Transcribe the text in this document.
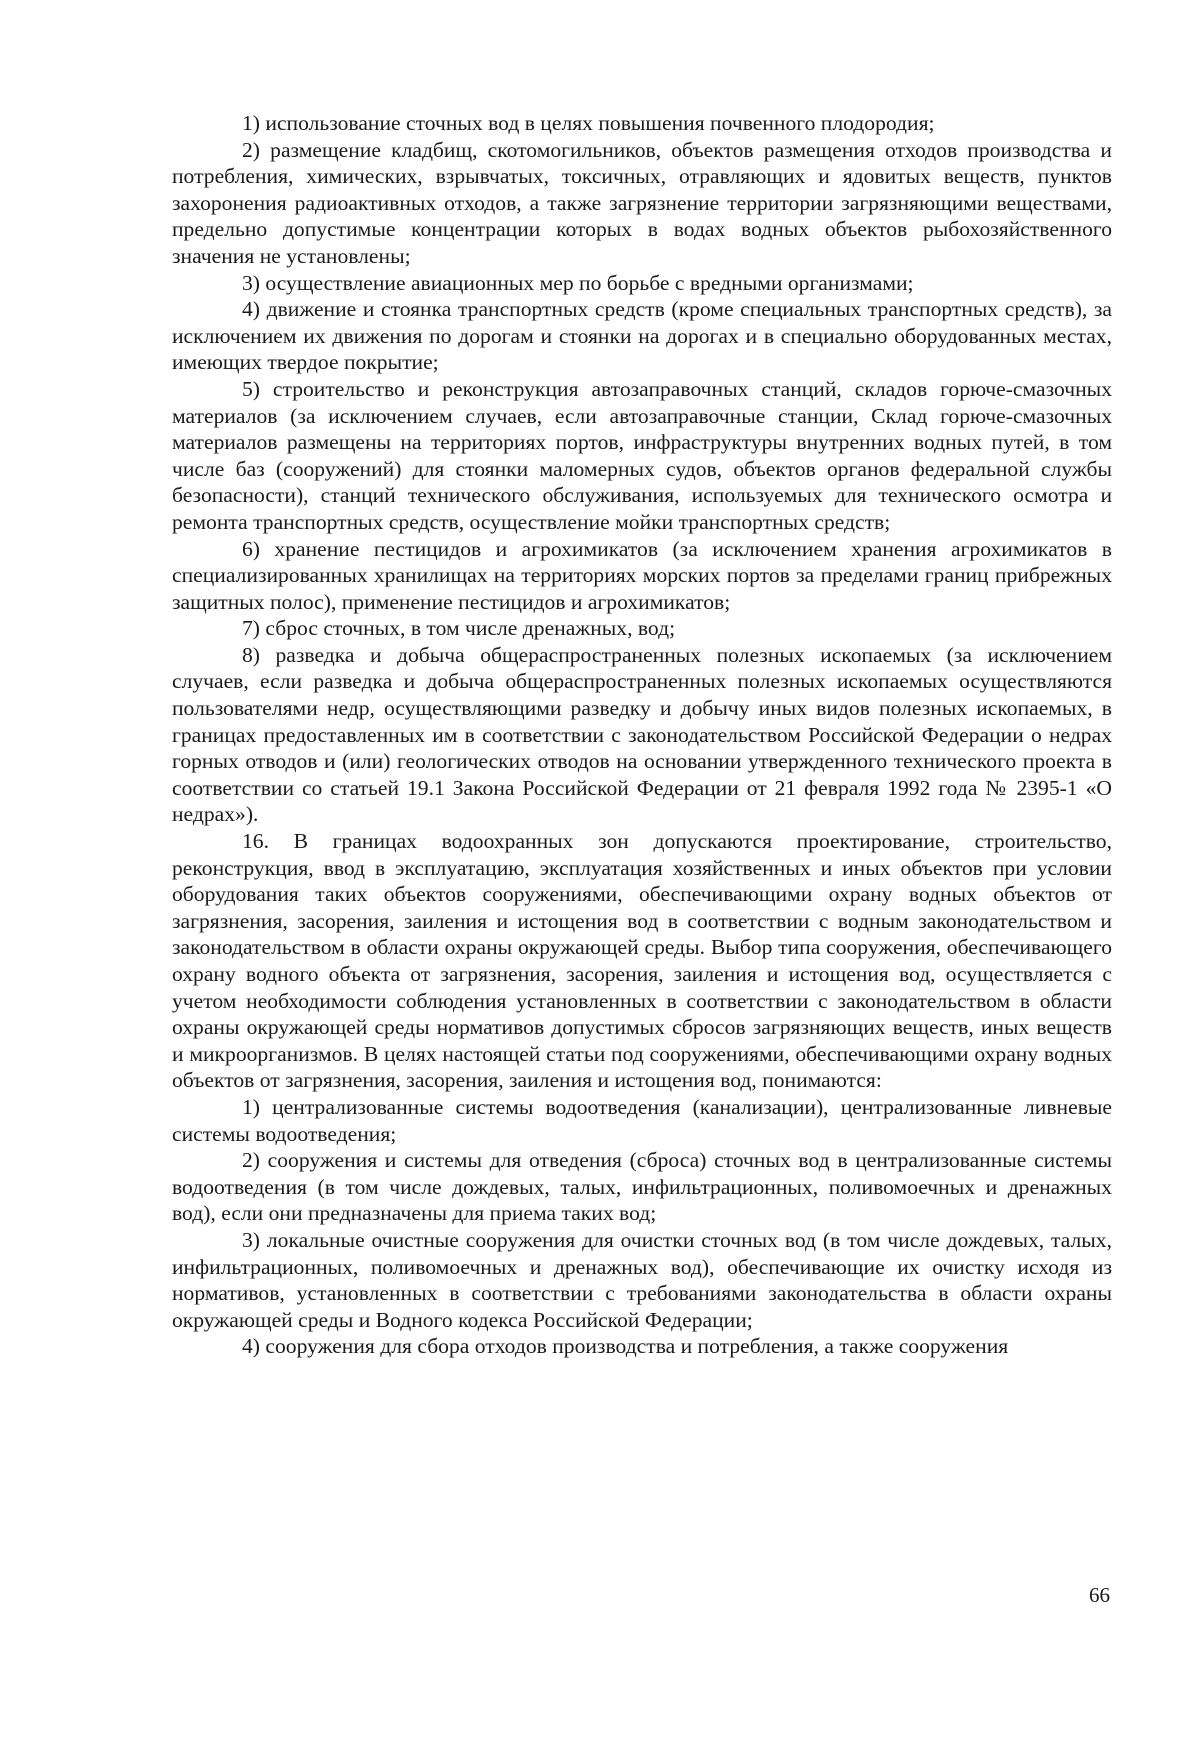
1) использование сточных вод в целях повышения почвенного плодородия;

2) размещение кладбищ, скотомогильников, объектов размещения отходов производства и потребления, химических, взрывчатых, токсичных, отравляющих и ядовитых веществ, пунктов захоронения радиоактивных отходов, а также загрязнение территории загрязняющими веществами, предельно допустимые концентрации которых в водах водных объектов рыбохозяйственного значения не установлены;

3) осуществление авиационных мер по борьбе с вредными организмами;

4) движение и стоянка транспортных средств (кроме специальных транспортных средств), за исключением их движения по дорогам и стоянки на дорогах и в специально оборудованных местах, имеющих твердое покрытие;

5) строительство и реконструкция автозаправочных станций, складов горюче-смазочных материалов (за исключением случаев, если автозаправочные станции, Склад горюче-смазочных материалов размещены на территориях портов, инфраструктуры внутренних водных путей, в том числе баз (сооружений) для стоянки маломерных судов, объектов органов федеральной службы безопасности), станций технического обслуживания, используемых для технического осмотра и ремонта транспортных средств, осуществление мойки транспортных средств;

6) хранение пестицидов и агрохимикатов (за исключением хранения агрохимикатов в специализированных хранилищах на территориях морских портов за пределами границ прибрежных защитных полос), применение пестицидов и агрохимикатов;

7) сброс сточных, в том числе дренажных, вод;

8) разведка и добыча общераспространенных полезных ископаемых (за исключением случаев, если разведка и добыча общераспространенных полезных ископаемых осуществляются пользователями недр, осуществляющими разведку и добычу иных видов полезных ископаемых, в границах предоставленных им в соответствии с законодательством Российской Федерации о недрах горных отводов и (или) геологических отводов на основании утвержденного технического проекта в соответствии со статьей 19.1 Закона Российской Федерации от 21 февраля 1992 года № 2395-1 «О недрах»).

16. В границах водоохранных зон допускаются проектирование, строительство, реконструкция, ввод в эксплуатацию, эксплуатация хозяйственных и иных объектов при условии оборудования таких объектов сооружениями, обеспечивающими охрану водных объектов от загрязнения, засорения, заиления и истощения вод в соответствии с водным законодательством и законодательством в области охраны окружающей среды. Выбор типа сооружения, обеспечивающего охрану водного объекта от загрязнения, засорения, заиления и истощения вод, осуществляется с учетом необходимости соблюдения установленных в соответствии с законодательством в области охраны окружающей среды нормативов допустимых сбросов загрязняющих веществ, иных веществ и микроорганизмов. В целях настоящей статьи под сооружениями, обеспечивающими охрану водных объектов от загрязнения, засорения, заиления и истощения вод, понимаются:

1) централизованные системы водоотведения (канализации), централизованные ливневые системы водоотведения;

2) сооружения и системы для отведения (сброса) сточных вод в централизованные системы водоотведения (в том числе дождевых, талых, инфильтрационных, поливомоечных и дренажных вод), если они предназначены для приема таких вод;

3) локальные очистные сооружения для очистки сточных вод (в том числе дождевых, талых, инфильтрационных, поливомоечных и дренажных вод), обеспечивающие их очистку исходя из нормативов, установленных в соответствии с требованиями законодательства в области охраны окружающей среды и Водного кодекса Российской Федерации;

4) сооружения для сбора отходов производства и потребления, а также сооружения

66
